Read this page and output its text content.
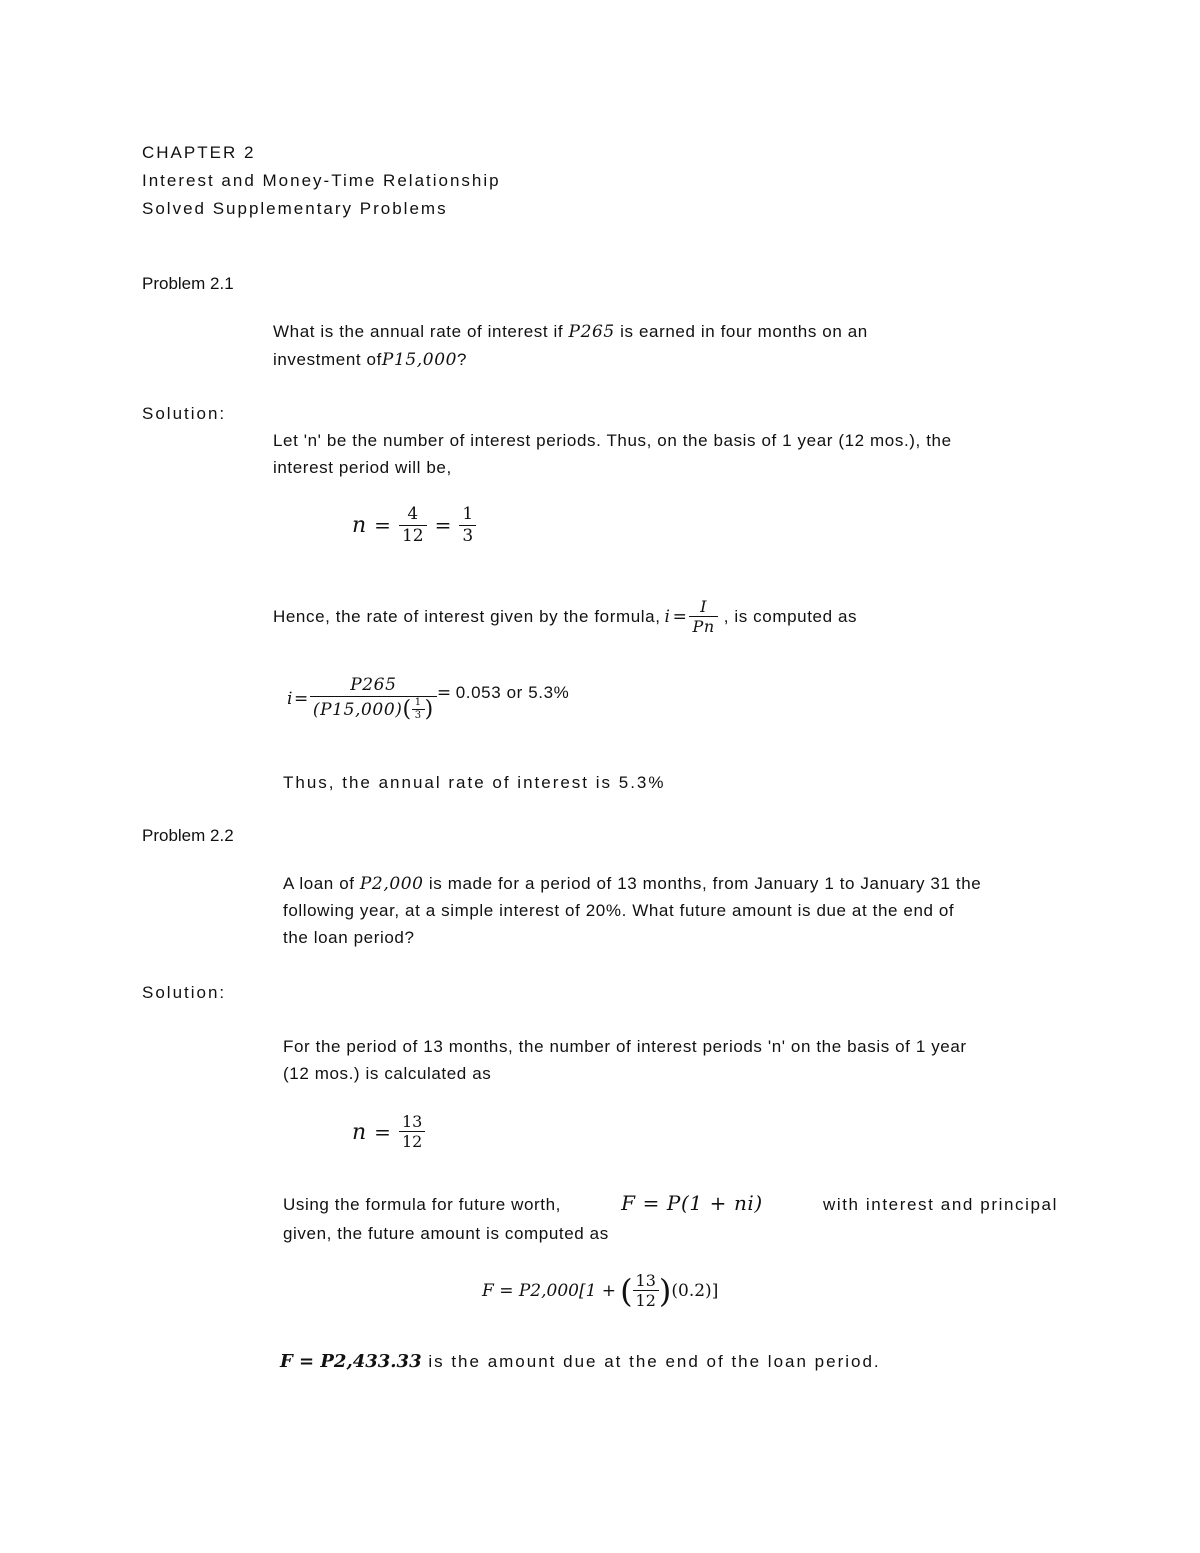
CHAPTER 2
Interest and Money-Time Relationship
Solved Supplementary Problems
Problem 2.1
What is the annual rate of interest if P265 is earned in four months on an
investment ofP15,000?
Solution:
Let 'n' be the number of interest periods. Thus, on the basis of 1 year (12 mos.), the
interest period will be,
$n = \frac{4}{12} = \frac{1}{3}$
Hence, the rate of interest given by the formula, $i = \frac{I}{Pn}$ , is computed as
$i = \frac{P265}{(P15,000) ( \frac{1}{3} )} = 0.053$ or 5.3%
Thus, the annual rate of interest is 5.3%
Problem 2.2
A loan of P2,000 is made for a period of 13 months, from January 1 to January 31 the
following year, at a simple interest of 20%. What future amount is due at the end of
the loan period?
Solution:
For the period of 13 months, the number of interest periods 'n' on the basis of 1 year
(12 mos.) is calculated as
$n = \frac{13}{12}$
Using the formula for future worth,	F = P(1 + ni)	with interest and principal
given, the future amount is computed as
F = P2,000[1 + ( $\frac{13}{12}$ ) (0.2)]
F = P2,433.33 is the amount due at the end of the loan period.
